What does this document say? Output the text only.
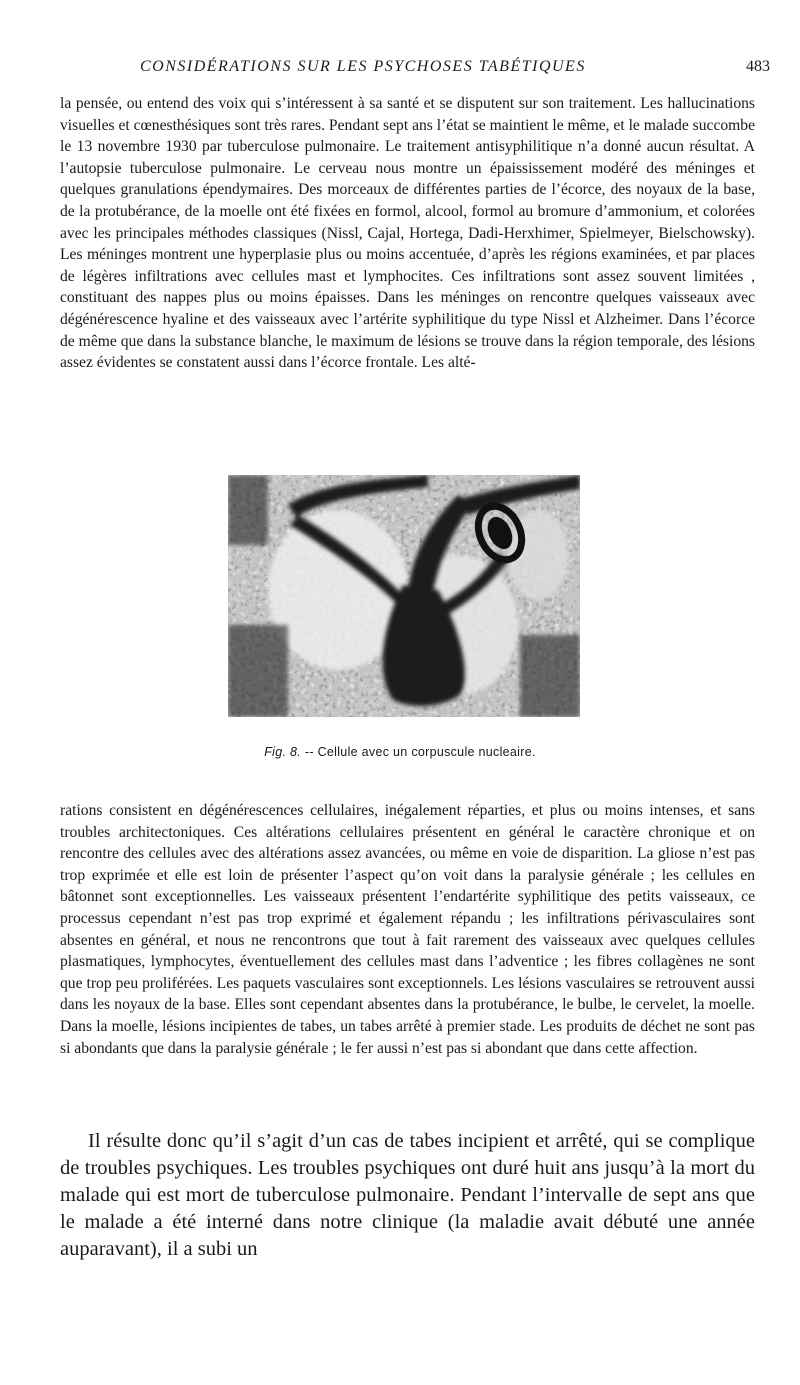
CONSIDÉRATIONS SUR LES PSYCHOSES TABÉTIQUES	483

la pensée, ou entend des voix qui s’intéressent à sa santé et se disputent sur son traitement. Les hallucinations visuelles et cœnesthésiques sont très rares. Pendant sept ans l’état se maintient le même, et le malade succombe le 13 novembre 1930 par tuberculose pulmonaire. Le traitement antisyphilitique n’a donné aucun résultat. A l’autopsie tuberculose pulmonaire. Le cerveau nous montre un épaississement modéré des méninges et quelques granulations épendymaires. Des morceaux de différentes parties de l’écorce, des noyaux de la base, de la protubérance, de la moelle ont été fixées en formol, alcool, formol au bromure d’ammonium, et colorées avec les principales méthodes classiques (Nissl, Cajal, Hortega, Dadi-Herxhimer, Spielmeyer, Bielschowsky). Les méninges montrent une hyperplasie plus ou moins accentuée, d’après les régions examinées, et par places de légères infiltrations avec cellules mast et lymphocites. Ces infiltrations sont assez souvent limitées , constituant des nappes plus ou moins épaisses. Dans les méninges on rencontre quelques vaisseaux avec dégénérescence hyaline et des vaisseaux avec l’artérite syphilitique du type Nissl et Alzheimer. Dans l’écorce de même que dans la substance blanche, le maximum de lésions se trouve dans la région temporale, des lésions assez évidentes se constatent aussi dans l’écorce frontale. Les alté-

Fig. 8. -- Cellule avec un corpuscule nucleaire.

rations consistent en dégénérescences cellulaires, inégalement réparties, et plus ou moins intenses, et sans troubles architectoniques. Ces altérations cellulaires présentent en général le caractère chronique et on rencontre des cellules avec des altérations assez avancées, ou même en voie de disparition. La gliose n’est pas trop exprimée et elle est loin de présenter l’aspect qu’on voit dans la paralysie générale ; les cellules en bâtonnet sont exceptionnelles. Les vaisseaux présentent l’endartérite syphilitique des petits vaisseaux, ce processus cependant n’est pas trop exprimé et également répandu ; les infiltrations périvasculaires sont absentes en général, et nous ne rencontrons que tout à fait rarement des vaisseaux avec quelques cellules plasmatiques, lymphocytes, éventuellement des cellules mast dans l’adventice ; les fibres collagènes ne sont que trop peu proliférées. Les paquets vasculaires sont exceptionnels. Les lésions vasculaires se retrouvent aussi dans les noyaux de la base. Elles sont cependant absentes dans la protubérance, le bulbe, le cervelet, la moelle. Dans la moelle, lésions incipientes de tabes, un tabes arrêté à premier stade. Les produits de déchet ne sont pas si abondants que dans la paralysie générale ; le fer aussi n’est pas si abondant que dans cette affection.

Il résulte donc qu’il s’agit d’un cas de tabes incipient et arrêté, qui se complique de troubles psychiques. Les troubles psychiques ont duré huit ans jusqu’à la mort du malade qui est mort de tuberculose pulmonaire. Pendant l’intervalle de sept ans que le malade a été interné dans notre clinique (la maladie avait débuté une année auparavant), il a subi un
